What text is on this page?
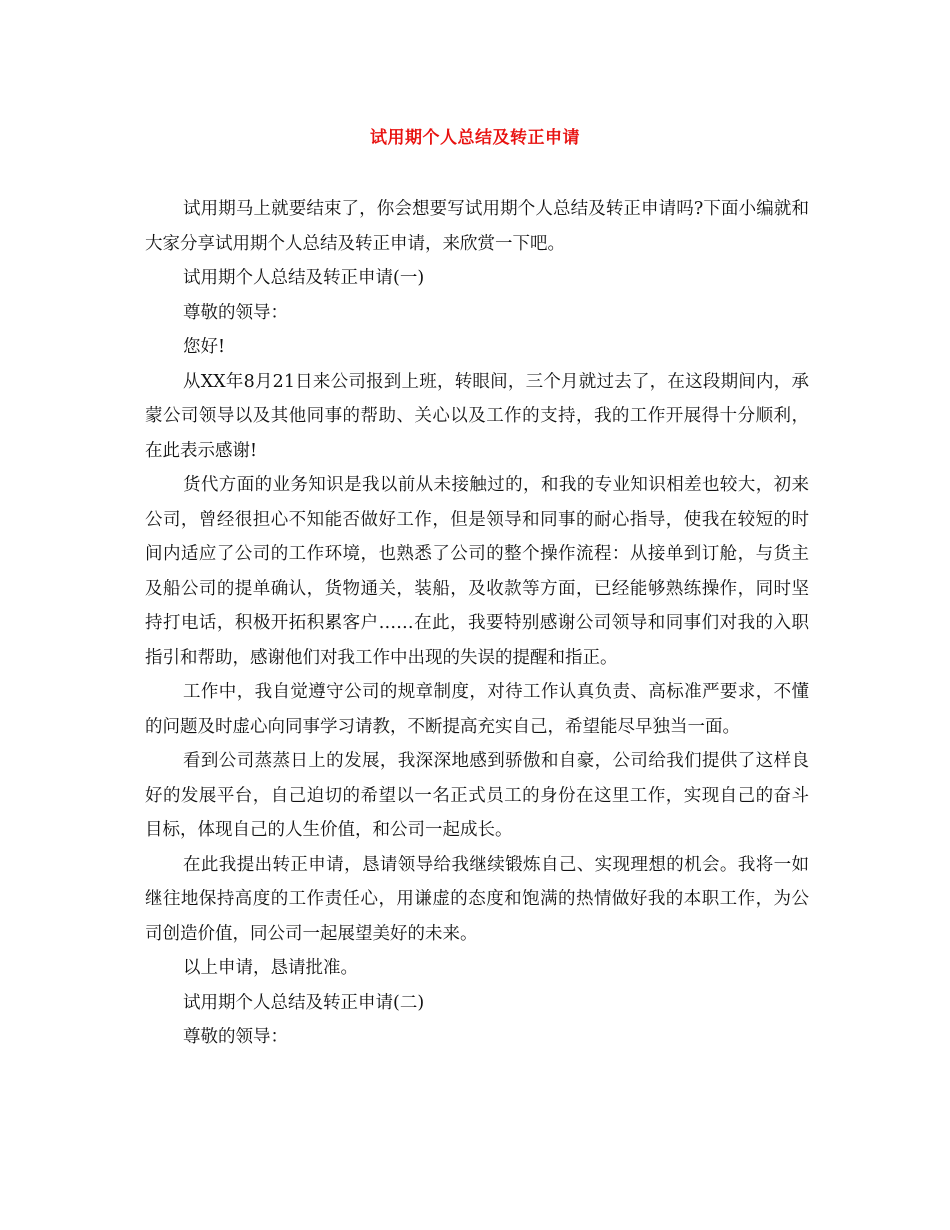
试用期个人总结及转正申请

试用期马上就要结束了，你会想要写试用期个人总结及转正申请吗?下面小编就和大家分享试用期个人总结及转正申请，来欣赏一下吧。

试用期个人总结及转正申请(一)

尊敬的领导：

您好!

从XX年8月21日来公司报到上班，转眼间，三个月就过去了，在这段期间内，承蒙公司领导以及其他同事的帮助、关心以及工作的支持，我的工作开展得十分顺利，在此表示感谢!

货代方面的业务知识是我以前从未接触过的，和我的专业知识相差也较大，初来公司，曾经很担心不知能否做好工作，但是领导和同事的耐心指导，使我在较短的时间内适应了公司的工作环境，也熟悉了公司的整个操作流程：从接单到订舱，与货主及船公司的提单确认，货物通关，装船，及收款等方面，已经能够熟练操作，同时坚持打电话，积极开拓积累客户……在此，我要特别感谢公司领导和同事们对我的入职指引和帮助，感谢他们对我工作中出现的失误的提醒和指正。

工作中，我自觉遵守公司的规章制度，对待工作认真负责、高标准严要求，不懂的问题及时虚心向同事学习请教，不断提高充实自己，希望能尽早独当一面。

看到公司蒸蒸日上的发展，我深深地感到骄傲和自豪，公司给我们提供了这样良好的发展平台，自己迫切的希望以一名正式员工的身份在这里工作，实现自己的奋斗目标，体现自己的人生价值，和公司一起成长。

在此我提出转正申请，恳请领导给我继续锻炼自己、实现理想的机会。我将一如继往地保持高度的工作责任心，用谦虚的态度和饱满的热情做好我的本职工作，为公司创造价值，同公司一起展望美好的未来。

以上申请，恳请批准。

试用期个人总结及转正申请(二)

尊敬的领导：
